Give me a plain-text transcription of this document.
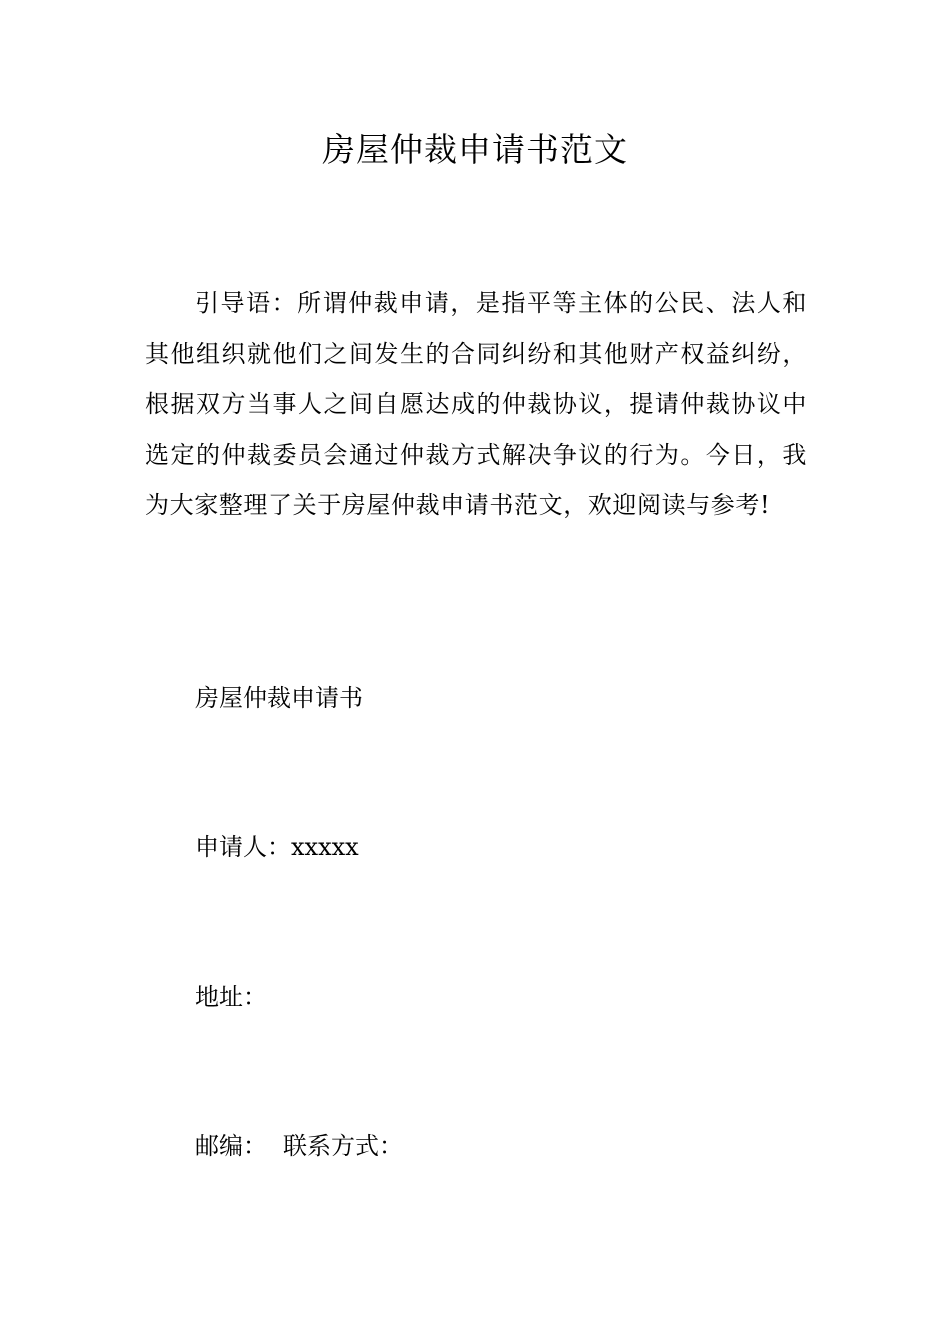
房屋仲裁申请书范文

引导语：所谓仲裁申请，是指平等主体的公民、法人和其他组织就他们之间发生的合同纠纷和其他财产权益纠纷，根据双方当事人之间自愿达成的仲裁协议，提请仲裁协议中选定的仲裁委员会通过仲裁方式解决争议的行为。今日，我为大家整理了关于房屋仲裁申请书范文，欢迎阅读与参考!

房屋仲裁申请书

申请人：xxxxx

地址：

邮编： 联系方式：
